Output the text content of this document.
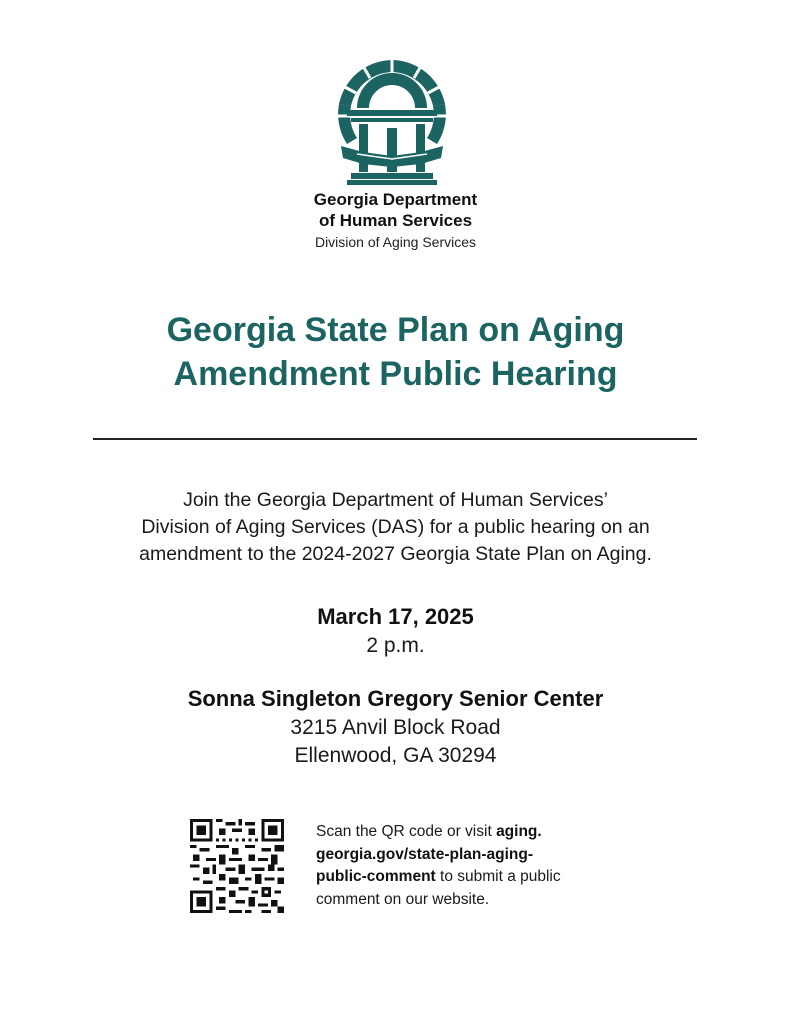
Georgia Department
of Human Services
Division of Aging Services
Georgia State Plan on Aging
Amendment Public Hearing
Join the Georgia Department of Human Services’
Division of Aging Services (DAS) for a public hearing on an
amendment to the 2024-2027 Georgia State Plan on Aging.
March 17, 2025
2 p.m.
Sonna Singleton Gregory Senior Center
3215 Anvil Block Road
Ellenwood, GA 30294
Scan the QR code or visit aging.
georgia.gov/state-plan-aging-
public-comment to submit a public
comment on our website.
